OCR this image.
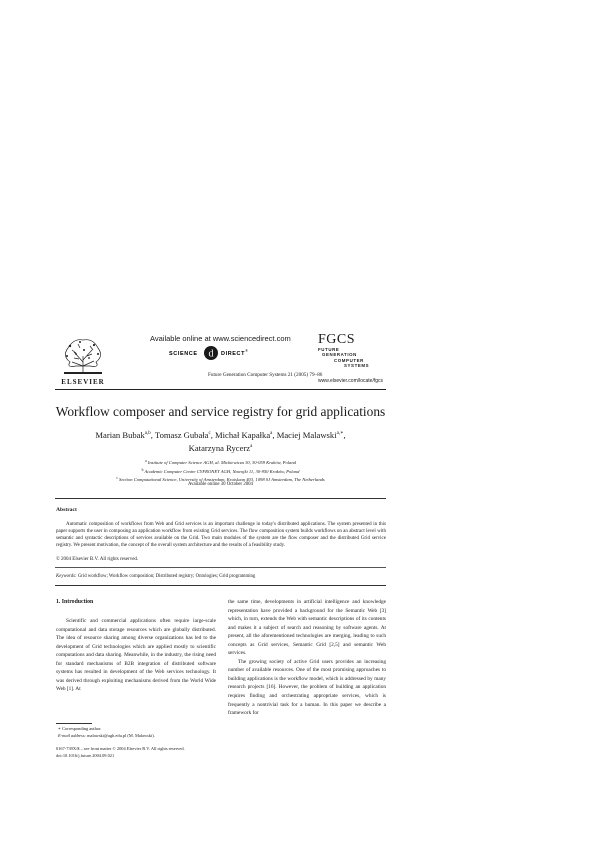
ELSEVIER
Available online at www.sciencedirect.com
SCIENCE d DIRECT
®
Future Generation Computer Systems 21 (2005) 79–86
FGCS
FUTURE
GENERATION
COMPUTER
SYSTEMS
www.elsevier.com/locate/fgcs
Workflow composer and service registry for grid applications
Marian Bubak$^{a,b}$, Tomasz Gubała$^c$, Michał Kapałka$^a$, Maciej Malawski$^{a,∗}$,
Katarzyna Rycerz$^a$
$^a$ Institute of Computer Science AGH, al. Mickiewicza 30, 30-059 Kraków, Poland
$^b$ Academic Computer Centre CYFRONET AGH, Nawojki 11, 30-950 Kraków, Poland
$^c$ Section Computational Science, University of Amsterdam, Kruislaan 403, 1098 SJ Amsterdam, The Netherlands
Available online 30 October 2004
Abstract
Automatic composition of workflows from Web and Grid services is an important challenge in today's distributed applications. The system presented in this paper supports the user in composing an application workflow from existing Grid services. The flow composition system builds workflows on an abstract level with semantic and syntactic descriptions of services available on the Grid. Two main modules of the system are the flow composer and the distributed Grid service registry. We present motivation, the concept of the overall system architecture and the results of a feasibility study.
© 2004 Elsevier B.V. All rights reserved.
Keywords: Grid workflow; Workflow composition; Distributed registry; Ontologies; Grid programming
1. Introduction

Scientific and commercial applications often require large-scale computational and data storage resources which are globally distributed. The idea of resource sharing among diverse organizations has led to the development of Grid technologies which are applied mostly to scientific computations and data sharing. Meanwhile, in the industry, the rising need for standard mechanisms of B2B integration of distributed software systems has resulted in development of the Web services technology. It was derived through exploiting mechanisms derived from the World Wide Web [1]. At

the same time, developments in artificial intelligence and knowledge representation have provided a background for the Semantic Web [3] which, in turn, extends the Web with semantic descriptions of its contents and makes it a subject of search and reasoning by software agents. At present, all the aforementioned technologies are merging, leading to such concepts as Grid services, Semantic Grid [2,5] and semantic Web services.

The growing society of active Grid users provides an increasing number of available resources. One of the most promising approaches to building applications is the workflow model, which is addressed by many research projects [16]. However, the problem of building an application requires finding and orchestrating appropriate services, which is frequently a nontrivial task for a human. In this paper we describe a framework for

∗ Corresponding author.
E-mail address: malawski@agh.edu.pl (M. Malawski).
0167-739X/$ – see front matter © 2004 Elsevier B.V. All rights reserved.
doi:10.1016/j.future.2004.09.021
